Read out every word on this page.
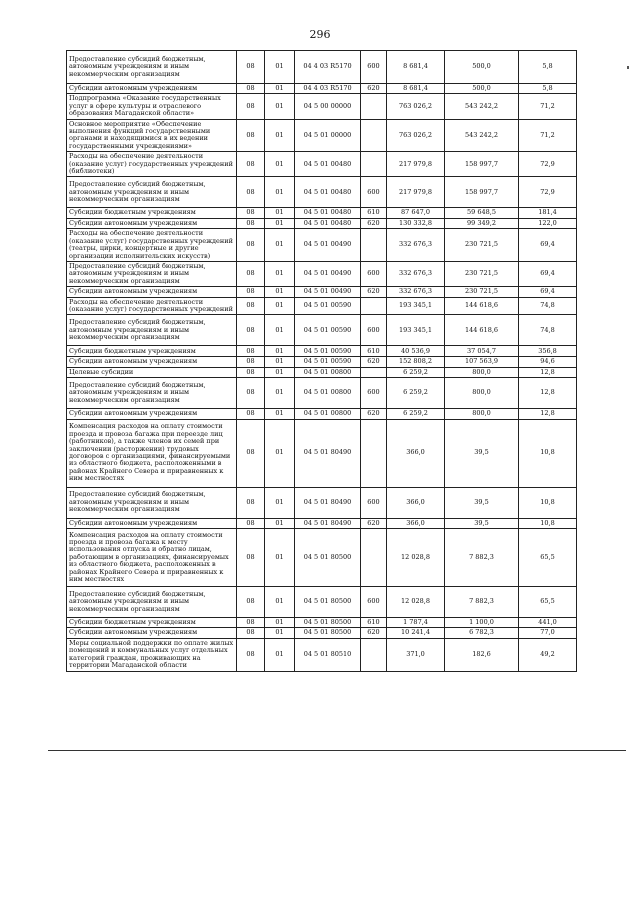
296
Предоставление субсидий бюджетным, автономным учреждениям и иным некоммерческим организациям	08	01	04 4 03 R5170	600	8 681,4	500,0	5,8
Субсидии автономным учреждениям	08	01	04 4 03 R5170	620	8 681,4	500,0	5,8
Подпрограмма «Оказание государственных услуг в сфере культуры и отраслевого образования Магаданской области»	08	01	04 5 00 00000		763 026,2	543 242,2	71,2
Основное мероприятие «Обеспечение выполнения функций государственными органами и находящимися в их ведении государственными учреждениями»	08	01	04 5 01 00000		763 026,2	543 242,2	71,2
Расходы на обеспечение деятельности (оказание услуг) государственных учреждений (библиотеки)	08	01	04 5 01 00480		217 979,8	158 997,7	72,9
Предоставление субсидий бюджетным, автономным учреждениям и иным некоммерческим организациям	08	01	04 5 01 00480	600	217 979,8	158 997,7	72,9
Субсидии бюджетным учреждениям	08	01	04 5 01 00480	610	87 647,0	59 648,5	181,4
Субсидии автономным учреждениям	08	01	04 5 01 00480	620	130 332,8	99 349,2	122,0
Расходы на обеспечение деятельности (оказание услуг) государственных учреждений (театры, цирки, концертные и другие организации исполнительских искусств)	08	01	04 5 01 00490		332 676,3	230 721,5	69,4
Предоставление субсидий бюджетным, автономным учреждениям и иным некоммерческим организациям	08	01	04 5 01 00490	600	332 676,3	230 721,5	69,4
Субсидии автономным учреждениям	08	01	04 5 01 00490	620	332 676,3	230 721,5	69,4
Расходы на обеспечение деятельности (оказание услуг) государственных учреждений	08	01	04 5 01 00590		193 345,1	144 618,6	74,8
Предоставление субсидий бюджетным, автономным учреждениям и иным некоммерческим организациям	08	01	04 5 01 00590	600	193 345,1	144 618,6	74,8
Субсидии бюджетным учреждениям	08	01	04 5 01 00590	610	40 536,9	37 054,7	356,8
Субсидии автономным учреждениям	08	01	04 5 01 00590	620	152 808,2	107 563,9	94,6
Целевые субсидии	08	01	04 5 01 00800		6 259,2	800,0	12,8
Предоставление субсидий бюджетным, автономным учреждениям и иным некоммерческим организациям	08	01	04 5 01 00800	600	6 259,2	800,0	12,8
Субсидии автономным учреждениям	08	01	04 5 01 00800	620	6 259,2	800,0	12,8
Компенсация расходов на оплату стоимости проезда и провоза багажа при переезде лиц (работников), а также членов их семей при заключении (расторжении) трудовых договоров с организациями, финансируемыми из областного бюджета, расположенными в районах Крайнего Севера и приравненных к ним местностях	08	01	04 5 01 80490		366,0	39,5	10,8
Предоставление субсидий бюджетным, автономным учреждениям и иным некоммерческим организациям	08	01	04 5 01 80490	600	366,0	39,5	10,8
Субсидии автономным учреждениям	08	01	04 5 01 80490	620	366,0	39,5	10,8
Компенсация расходов на оплату стоимости проезда и провоза багажа к месту использования отпуска и обратно лицам, работающим в организациях, финансируемых из областного бюджета, расположенных в районах Крайнего Севера и приравненных к ним местностях	08	01	04 5 01 80500		12 028,8	7 882,3	65,5
Предоставление субсидий бюджетным, автономным учреждениям и иным некоммерческим организациям	08	01	04 5 01 80500	600	12 028,8	7 882,3	65,5
Субсидии бюджетным учреждениям	08	01	04 5 01 80500	610	1 787,4	1 100,0	441,0
Субсидии автономным учреждениям	08	01	04 5 01 80500	620	10 241,4	6 782,3	77,0
Меры социальной поддержки по оплате жилых помещений и коммунальных услуг отдельных категорий граждан, проживающих на территории Магаданской области	08	01	04 5 01 80510		371,0	182,6	49,2
